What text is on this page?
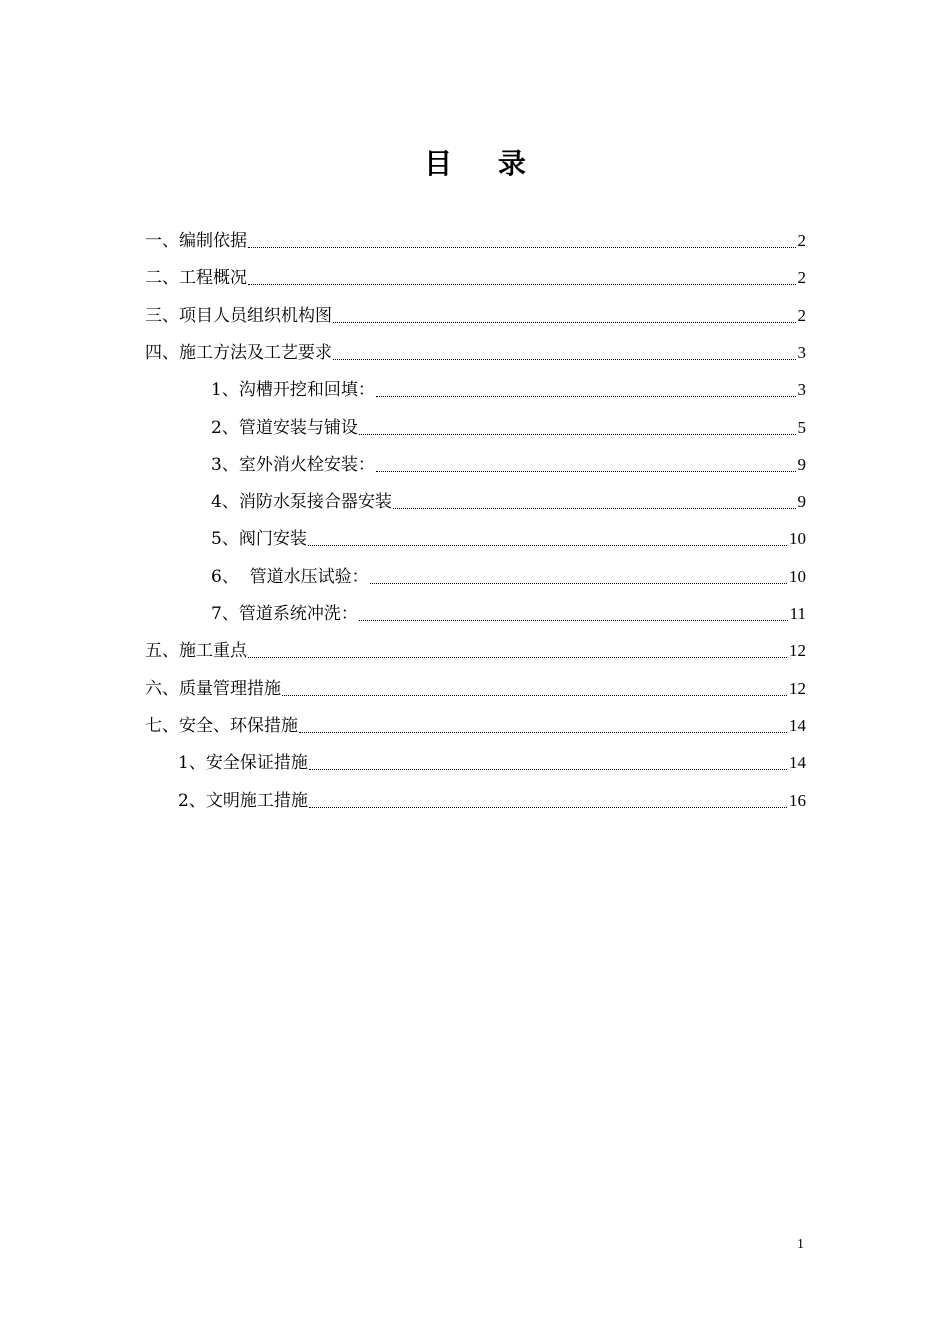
目 录
一、编制依据	2
二、工程概况	2
三、项目人员组织机构图	2
四、施工方法及工艺要求	3
1、沟槽开挖和回填：	3
2、管道安装与铺设	5
3、室外消火栓安装：	9
4、消防水泵接合器安装	9
5、阀门安装	10
6、  管道水压试验：	10
7、管道系统冲洗：	11
五、施工重点	12
六、质量管理措施	12
七、安全、环保措施	14
1、安全保证措施	14
2、文明施工措施	16
1
